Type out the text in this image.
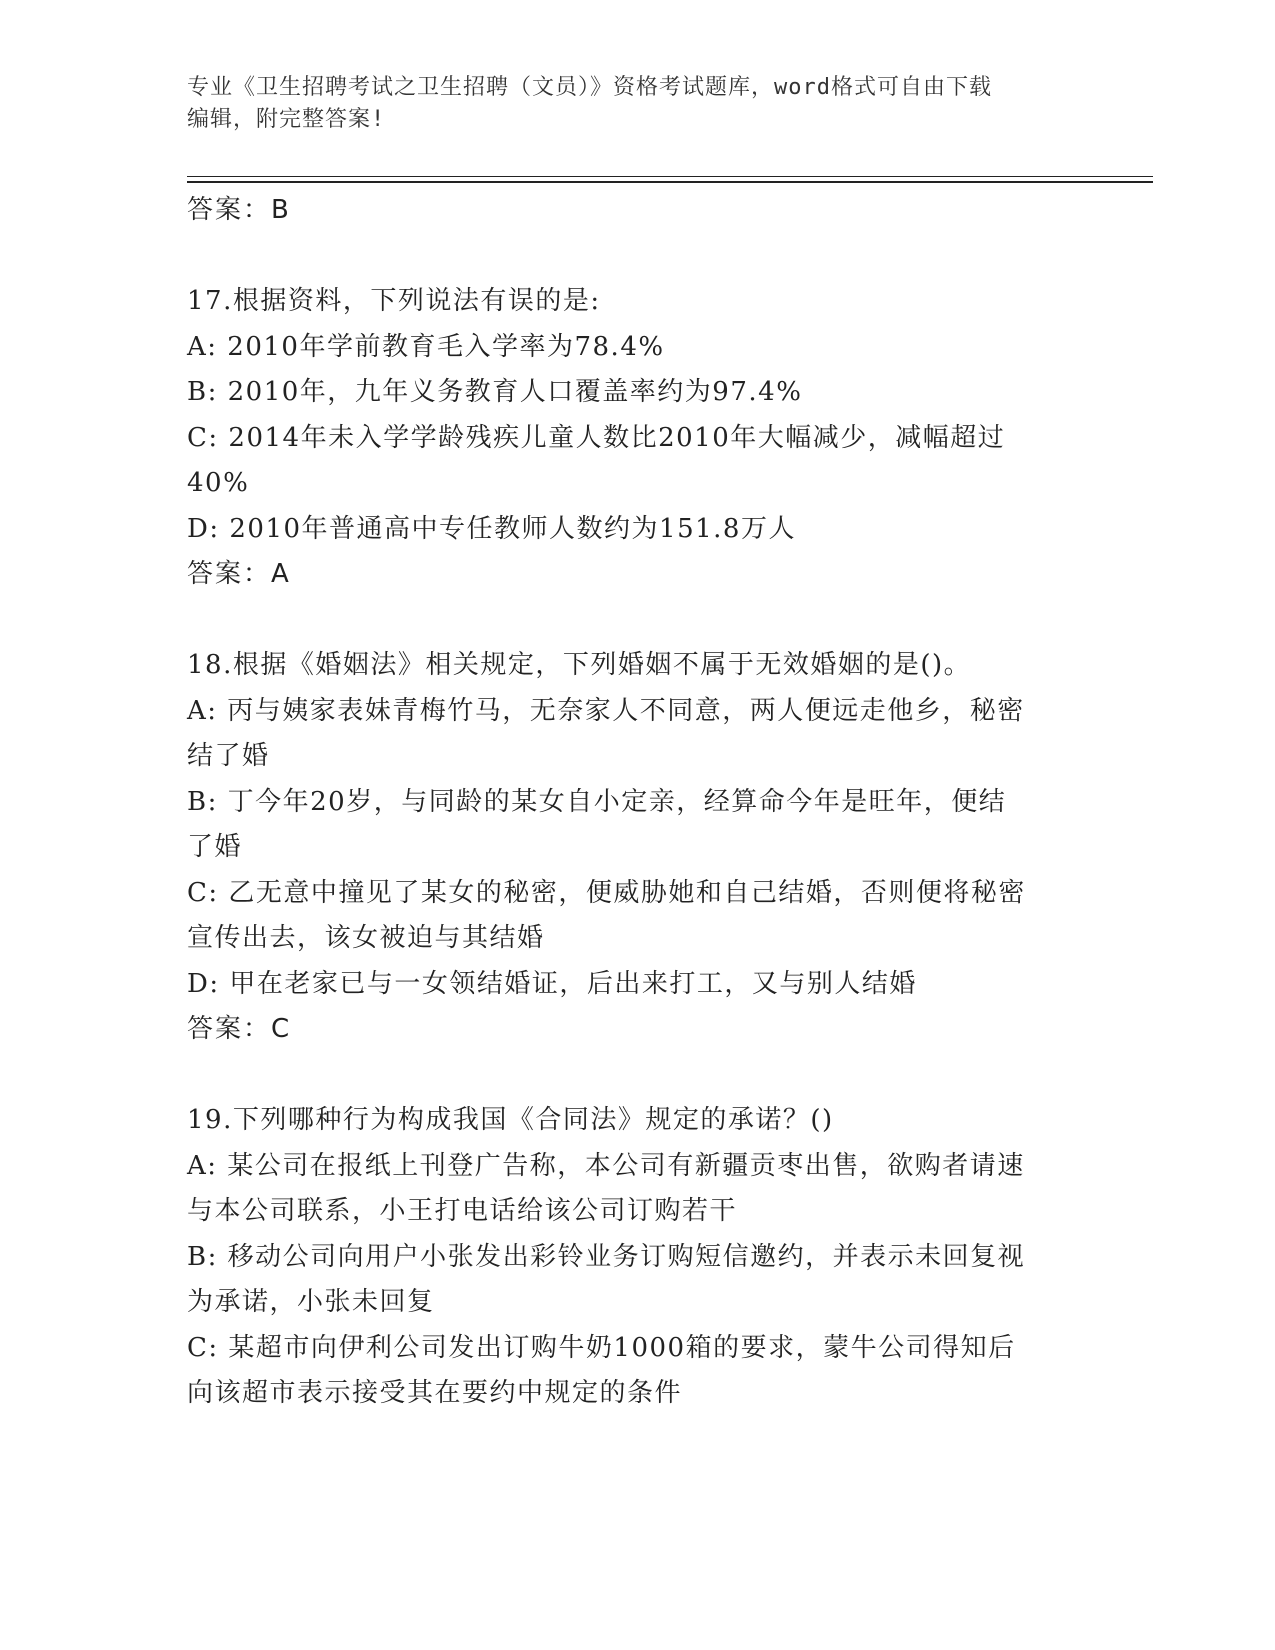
专业《卫生招聘考试之卫生招聘（文员）》资格考试题库，word格式可自由下载
编辑，附完整答案!
答案：B
17.根据资料，下列说法有误的是:
A: 2010年学前教育毛入学率为78.4%
B: 2010年，九年义务教育人口覆盖率约为97.4%
C: 2014年未入学学龄残疾儿童人数比2010年大幅减少，减幅超过
40%
D: 2010年普通高中专任教师人数约为151.8万人
答案：A
18.根据《婚姻法》相关规定，下列婚姻不属于无效婚姻的是()。
A: 丙与姨家表妹青梅竹马，无奈家人不同意，两人便远走他乡，秘密
结了婚
B: 丁今年20岁，与同龄的某女自小定亲，经算命今年是旺年，便结
了婚
C: 乙无意中撞见了某女的秘密，便威胁她和自己结婚，否则便将秘密
宣传出去，该女被迫与其结婚
D: 甲在老家已与一女领结婚证，后出来打工，又与别人结婚
答案：C
19.下列哪种行为构成我国《合同法》规定的承诺？()
A: 某公司在报纸上刊登广告称，本公司有新疆贡枣出售，欲购者请速
与本公司联系，小王打电话给该公司订购若干
B: 移动公司向用户小张发出彩铃业务订购短信邀约，并表示未回复视
为承诺，小张未回复
C: 某超市向伊利公司发出订购牛奶1000箱的要求，蒙牛公司得知后
向该超市表示接受其在要约中规定的条件
